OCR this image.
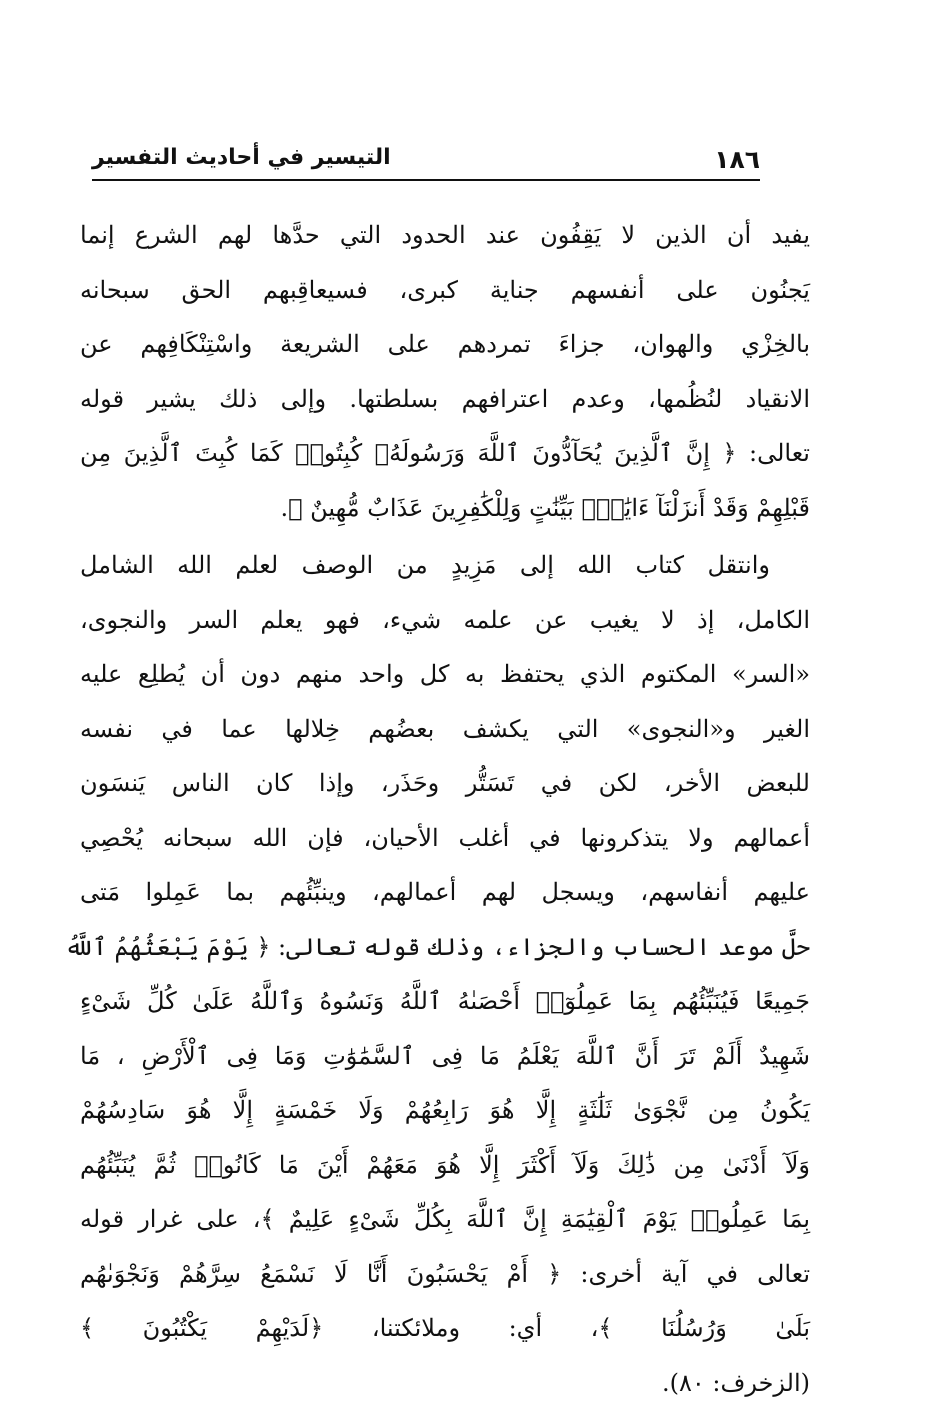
١٨٦
التيسير في أحاديث التفسير
يفيد أن الذين لا يَقِفُون عند الحدود التي حدَّها لهم الشرع إنما
يَجنُون على أنفسهم جناية كبرى، فسيعاقِبهم الحق سبحانه
بالخِزْي والهوان، جزاءَ تمردهم على الشريعة واسْتِنْكَافِهم عن
الانقياد لنُظُمها، وعدم اعترافهم بسلطتها. وإلى ذلك يشير قوله
تعالى: ﴿ إِنَّ ٱلَّذِينَ يُحَآدُّونَ ٱللَّهَ وَرَسُولَهُۥ كُبِتُوا۟ كَمَا كُبِتَ ٱلَّذِينَ مِن
قَبْلِهِمْ وَقَدْ أَنزَلْنَآ ءَايَٰتٍۭ بَيِّنَٰتٍ وَلِلْكَٰفِرِينَ عَذَابٌ مُّهِينٌ ﴾.
وانتقل كتاب الله إلى مَزِيدٍ من الوصف لعلم الله الشامل
الكامل، إذ لا يغيب عن علمه شيء، فهو يعلم السر والنجوى،
«السر» المكتوم الذي يحتفظ به كل واحد منهم دون أن يُطلِع عليه
الغير و«النجوى» التي يكشف بعضُهم خِلالها عما في نفسه
للبعض الأخر، لكن في تَسَتُّر وحَذَر، وإذا كان الناس يَنسَون
أعمالهم ولا يتذكرونها في أغلب الأحيان، فإن الله سبحانه يُحْصِي
عليهم أنفاسهم، ويسجل لهم أعمالهم، وينبِّئُهم بما عَمِلوا مَتى
حلَّ موعد الحساب والجزاء، وذلك قوله تعالى: ﴿ يَوْمَ يَبْعَثُهُمُ ٱللَّهُ
جَمِيعًا فَيُنَبِّئُهُم بِمَا عَمِلُوٓا۟ أَحْصَىٰهُ ٱللَّهُ وَنَسُوهُ وَٱللَّهُ عَلَىٰ كُلِّ شَىْءٍ
شَهِيدٌ أَلَمْ تَرَ أَنَّ ٱللَّهَ يَعْلَمُ مَا فِى ٱلسَّمَٰوَٰتِ وَمَا فِى ٱلْأَرْضِ ، مَا
يَكُونُ مِن نَّجْوَىٰ ثَلَٰثَةٍ إِلَّا هُوَ رَابِعُهُمْ وَلَا خَمْسَةٍ إِلَّا هُوَ سَادِسُهُمْ
وَلَآ أَدْنَىٰ مِن ذَٰلِكَ وَلَآ أَكْثَرَ إِلَّا هُوَ مَعَهُمْ أَيْنَ مَا كَانُوا۟ ثُمَّ يُنَبِّئُهُم
بِمَا عَمِلُوا۟ يَوْمَ ٱلْقِيَٰمَةِ إِنَّ ٱللَّهَ بِكُلِّ شَىْءٍ عَلِيمٌ ﴾، على غرار قوله
تعالى في آية أخرى: ﴿ أَمْ يَحْسَبُونَ أَنَّا لَا نَسْمَعُ سِرَّهُمْ وَنَجْوَىٰهُم
بَلَىٰ وَرُسُلُنَا ﴾، أي: وملائكتنا، ﴿لَدَيْهِمْ يَكْتُبُونَ ﴾
(الزخرف: ٨٠).
